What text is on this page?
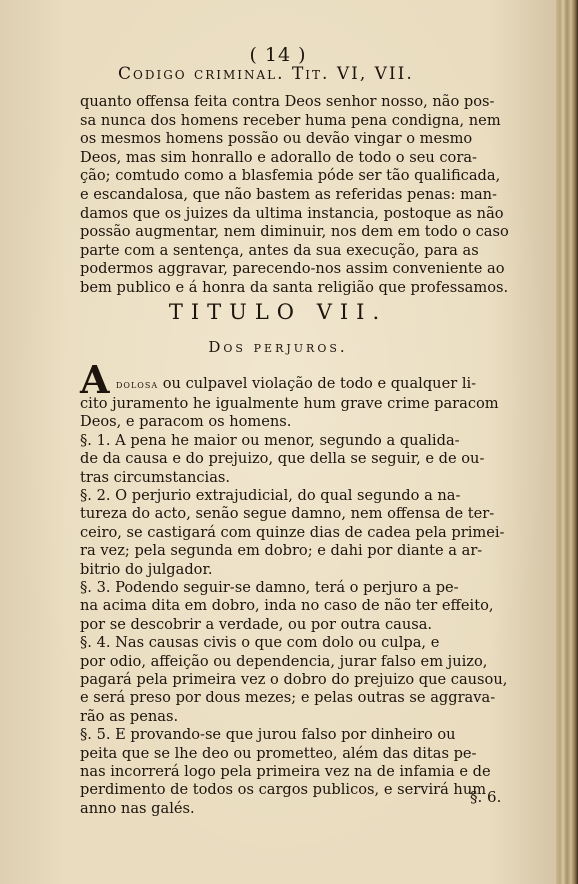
( 14 )
Codigo criminal. Tit. VI, VII.
quanto offensa feita contra Deos senhor nosso, não pos-
sa nunca dos homens receber huma pena condigna, nem
os mesmos homens possão ou devão vingar o mesmo
Deos, mas sim honrallo e adorallo de todo o seu cora-
ção; comtudo como a blasfemia póde ser tão qualificada,
e escandalosa, que não bastem as referidas penas: man-
damos que os juizes da ultima instancia, postoque as não
possão augmentar, nem diminuir, nos dem em todo o caso
parte com a sentença, antes da sua execução, para as
podermos aggravar, parecendo-nos assim conveniente ao
bem publico e á honra da santa religião que professamos.
TITULO VII.
Dos perjuros.
A dolosa ou culpavel violação de todo e qualquer li-
cito juramento he igualmente hum grave crime paracom
Deos, e paracom os homens.
§. 1. A pena he maior ou menor, segundo a qualida-
de da causa e do prejuizo, que della se seguir, e de ou-
tras circumstancias.
§. 2. O perjurio extrajudicial, do qual segundo a na-
tureza do acto, senão segue damno, nem offensa de ter-
ceiro, se castigará com quinze dias de cadea pela primei-
ra vez; pela segunda em dobro; e dahi por diante a ar-
bitrio do julgador.
§. 3. Podendo seguir-se damno, terá o perjuro a pe-
na acima dita em dobro, inda no caso de não ter effeito,
por se descobrir a verdade, ou por outra causa.
§. 4. Nas causas civis o que com dolo ou culpa, e
por odio, affeição ou dependencia, jurar falso em juizo,
pagará pela primeira vez o dobro do prejuizo que causou,
e será preso por dous mezes; e pelas outras se aggrava-
rão as penas.
§. 5. E provando-se que jurou falso por dinheiro ou
peita que se lhe deo ou prometteo, além das ditas pe-
nas incorrerá logo pela primeira vez na de infamia e de
perdimento de todos os cargos publicos, e servirá hum
anno nas galés.
§. 6.
